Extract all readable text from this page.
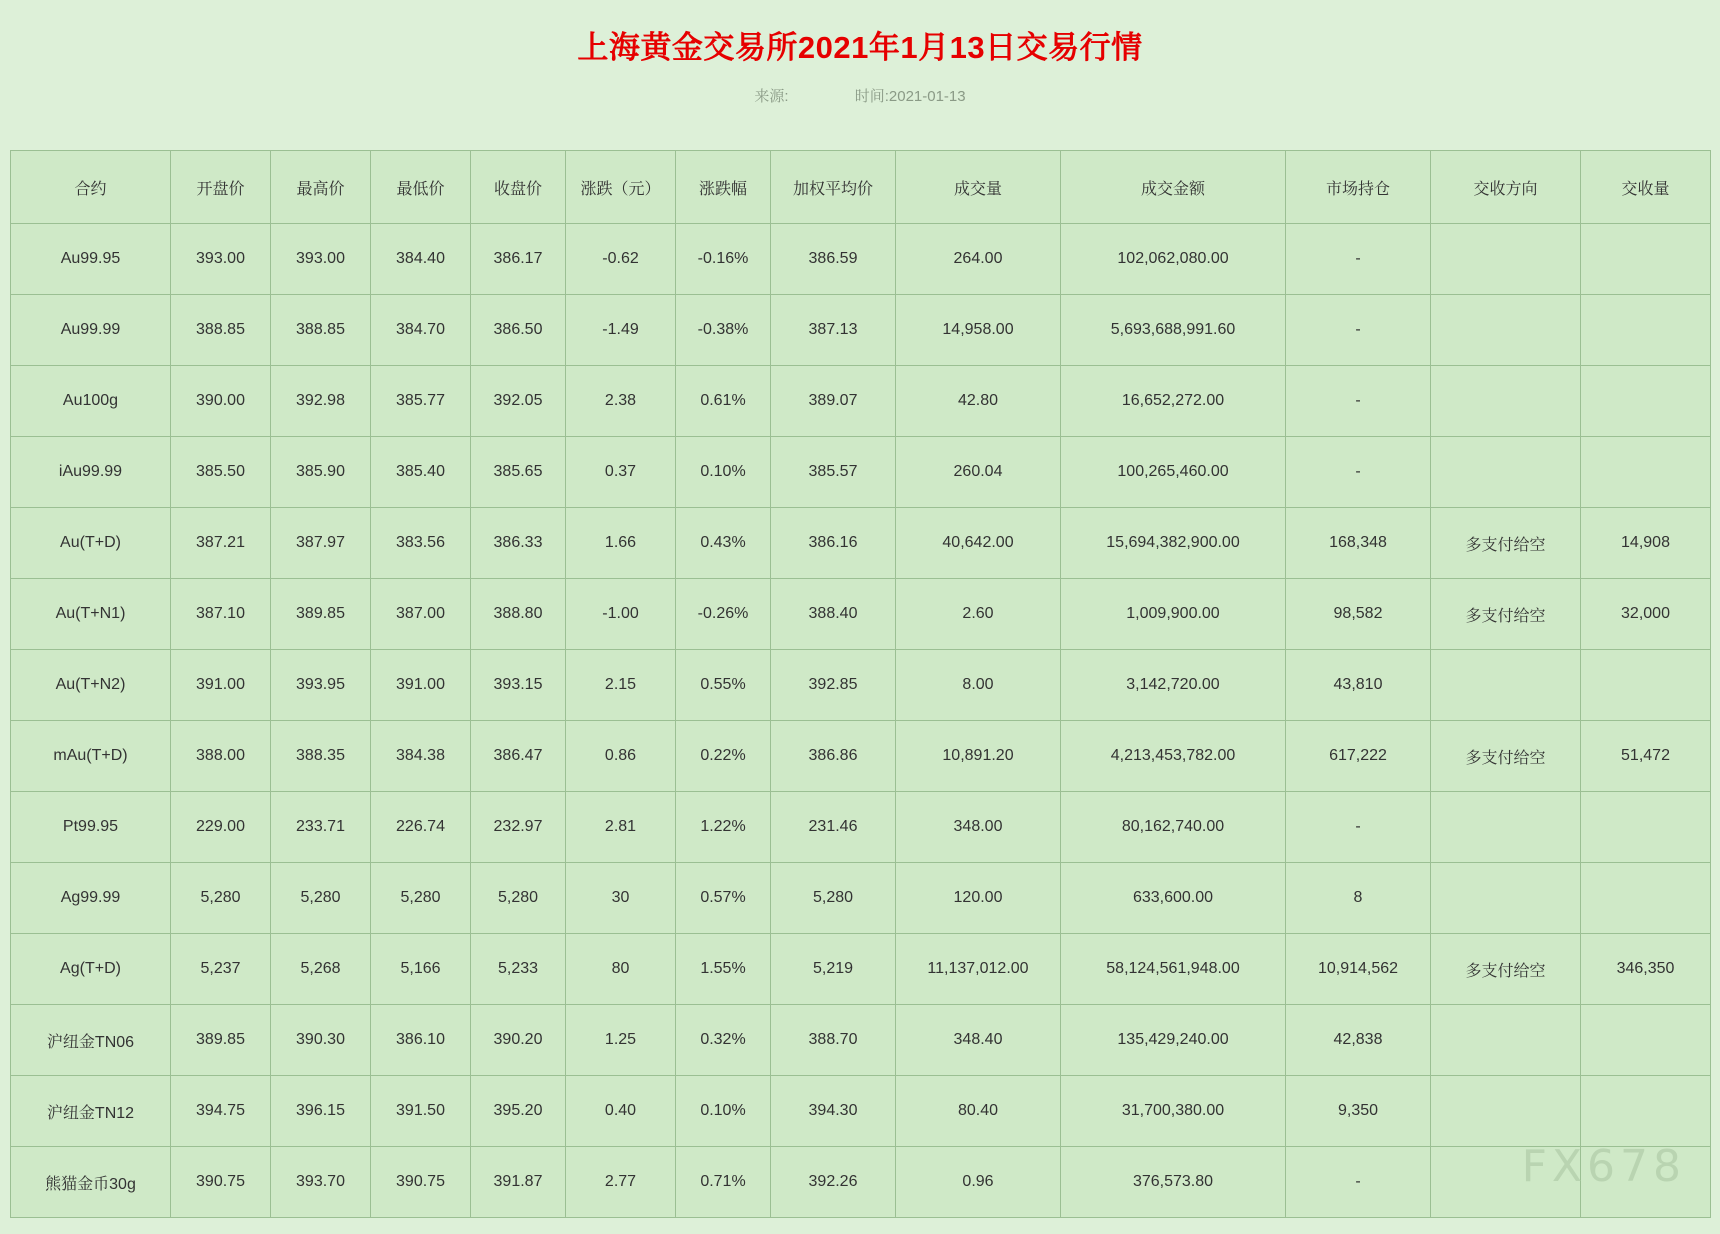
上海黄金交易所2021年1月13日交易行情
来源:	时间:2021-01-13
合约	开盘价	最高价	最低价	收盘价	涨跌（元）	涨跌幅	加权平均价	成交量	成交金额	市场持仓	交收方向	交收量
Au99.95	393.00	393.00	384.40	386.17	-0.62	-0.16%	386.59	264.00	102,062,080.00	-		
Au99.99	388.85	388.85	384.70	386.50	-1.49	-0.38%	387.13	14,958.00	5,693,688,991.60	-		
Au100g	390.00	392.98	385.77	392.05	2.38	0.61%	389.07	42.80	16,652,272.00	-		
iAu99.99	385.50	385.90	385.40	385.65	0.37	0.10%	385.57	260.04	100,265,460.00	-		
Au(T+D)	387.21	387.97	383.56	386.33	1.66	0.43%	386.16	40,642.00	15,694,382,900.00	168,348	多支付给空	14,908
Au(T+N1)	387.10	389.85	387.00	388.80	-1.00	-0.26%	388.40	2.60	1,009,900.00	98,582	多支付给空	32,000
Au(T+N2)	391.00	393.95	391.00	393.15	2.15	0.55%	392.85	8.00	3,142,720.00	43,810		
mAu(T+D)	388.00	388.35	384.38	386.47	0.86	0.22%	386.86	10,891.20	4,213,453,782.00	617,222	多支付给空	51,472
Pt99.95	229.00	233.71	226.74	232.97	2.81	1.22%	231.46	348.00	80,162,740.00	-		
Ag99.99	5,280	5,280	5,280	5,280	30	0.57%	5,280	120.00	633,600.00	8		
Ag(T+D)	5,237	5,268	5,166	5,233	80	1.55%	5,219	11,137,012.00	58,124,561,948.00	10,914,562	多支付给空	346,350
沪纽金TN06	389.85	390.30	386.10	390.20	1.25	0.32%	388.70	348.40	135,429,240.00	42,838		
沪纽金TN12	394.75	396.15	391.50	395.20	0.40	0.10%	394.30	80.40	31,700,380.00	9,350		
熊猫金币30g	390.75	393.70	390.75	391.87	2.77	0.71%	392.26	0.96	376,573.80	-			FX678
